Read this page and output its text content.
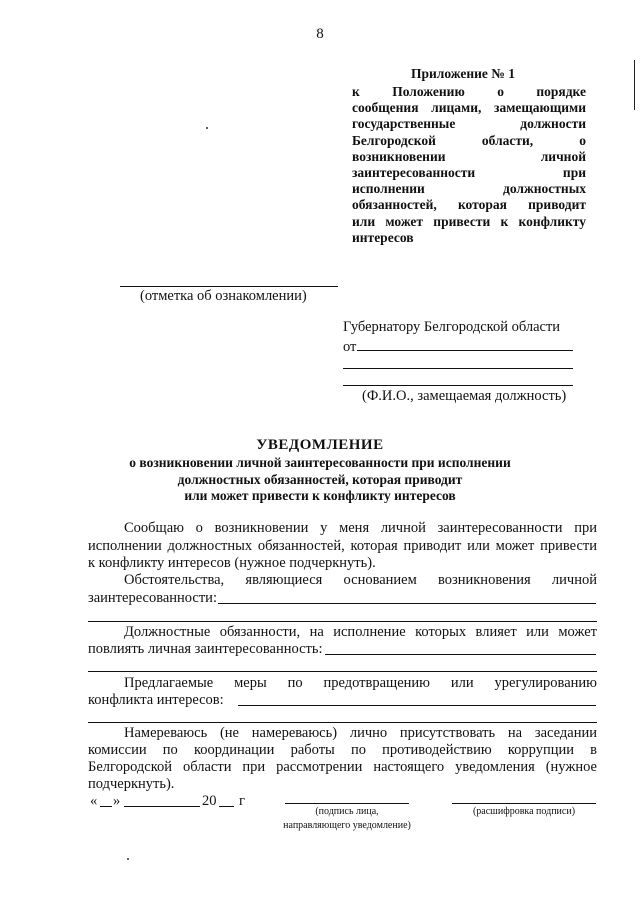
8
Приложение № 1
к Положению о порядке
сообщения лицами, замещающими
государственные должности
Белгородской области, о
возникновении личной
заинтересованности при
исполнении должностных
обязанностей, которая приводит
или может привести к конфликту
интересов
(отметка об ознакомлении)
Губернатору Белгородской области
от
(Ф.И.О., замещаемая должность)
УВЕДОМЛЕНИЕ
о возникновении личной заинтересованности при исполнении
должностных обязанностей, которая приводит
или может привести к конфликту интересов
Сообщаю о возникновении у меня личной заинтересованности при
исполнении должностных обязанностей, которая приводит или может привести
к конфликту интересов (нужное подчеркнуть).
Обстоятельства, являющиеся основанием возникновения личной
заинтересованности:
Должностные обязанности, на исполнение которых влияет или может
повлиять личная заинтересованность:
Предлагаемые меры по предотвращению или урегулированию
конфликта интересов:
Намереваюсь (не намереваюсь) лично присутствовать на заседании
комиссии по координации работы по противодействию коррупции в
Белгородской области при рассмотрении настоящего уведомления (нужное
подчеркнуть).
« »	20 г
(подпись лица,
направляющего уведомление)
(расшифровка подписи)
